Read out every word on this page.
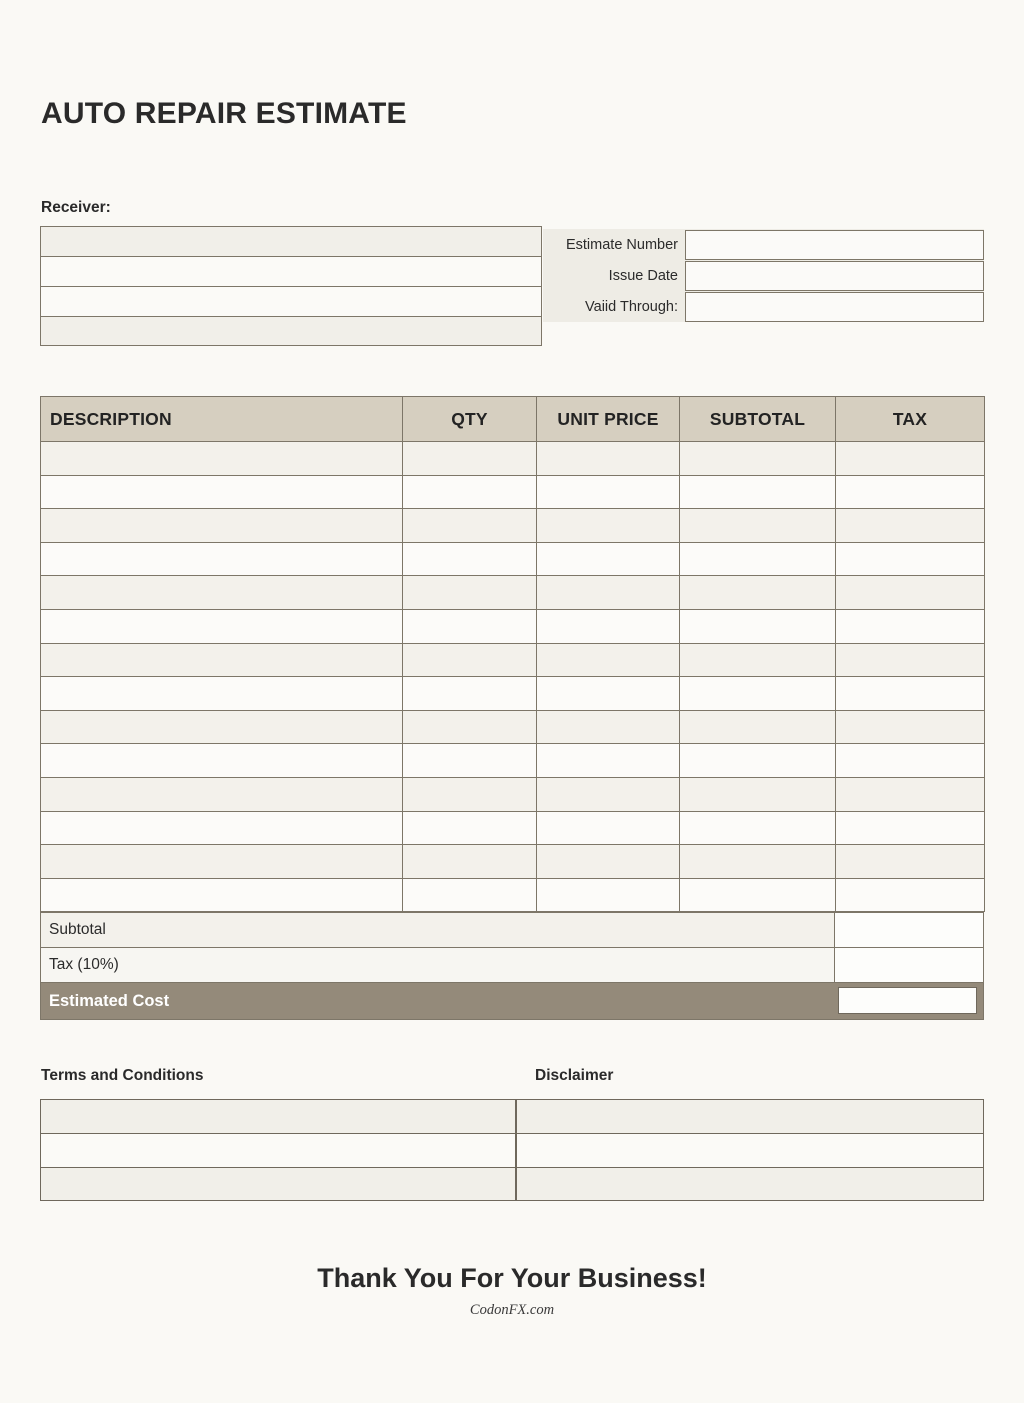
AUTO REPAIR ESTIMATE
Receiver:
Estimate Number
Issue Date
Vaiid Through:
DESCRIPTION	QTY	UNIT PRICE	SUBTOTAL	TAX

Subtotal
Tax (10%)
Estimated Cost
Terms and Conditions	Disclaimer
Thank You For Your Business!
CodonFX.com
